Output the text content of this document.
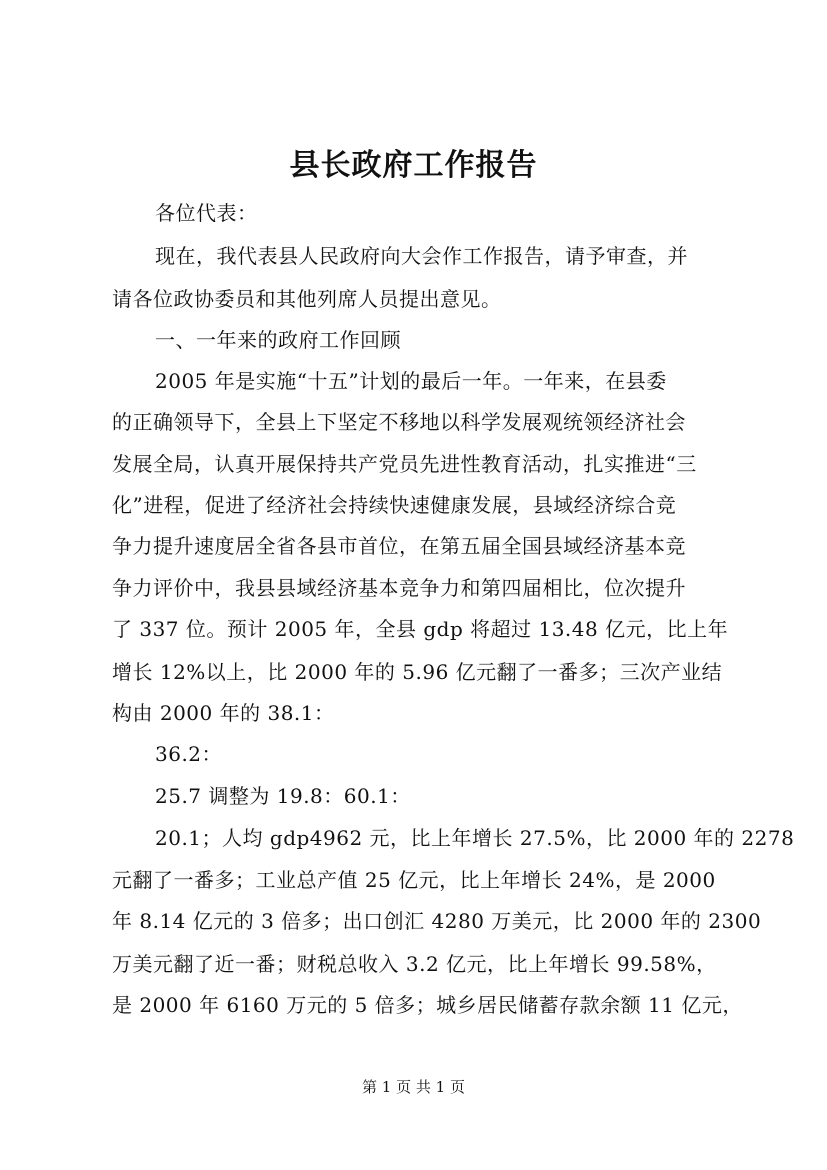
县长政府工作报告
各位代表：
现在，我代表县人民政府向大会作工作报告，请予审查，并
请各位政协委员和其他列席人员提出意见。
一、一年来的政府工作回顾
2005 年是实施“十五”计划的最后一年。一年来，在县委
的正确领导下，全县上下坚定不移地以科学发展观统领经济社会
发展全局，认真开展保持共产党员先进性教育活动，扎实推进“三
化”进程，促进了经济社会持续快速健康发展，县域经济综合竞
争力提升速度居全省各县市首位，在第五届全国县域经济基本竞
争力评价中，我县县域经济基本竞争力和第四届相比，位次提升
了 337 位。预计 2005 年，全县 gdp 将超过 13.48 亿元，比上年
增长 12%以上，比 2000 年的 5.96 亿元翻了一番多；三次产业结
构由 2000 年的 38.1：
36.2：
25.7 调整为 19.8：60.1：
20.1；人均 gdp4962 元，比上年增长 27.5%，比 2000 年的 2278
元翻了一番多；工业总产值 25 亿元，比上年增长 24%，是 2000
年 8.14 亿元的 3 倍多；出口创汇 4280 万美元，比 2000 年的 2300
万美元翻了近一番；财税总收入 3.2 亿元，比上年增长 99.58%，
是 2000 年 6160 万元的 5 倍多；城乡居民储蓄存款余额 11 亿元，
第 1 页 共 1 页
